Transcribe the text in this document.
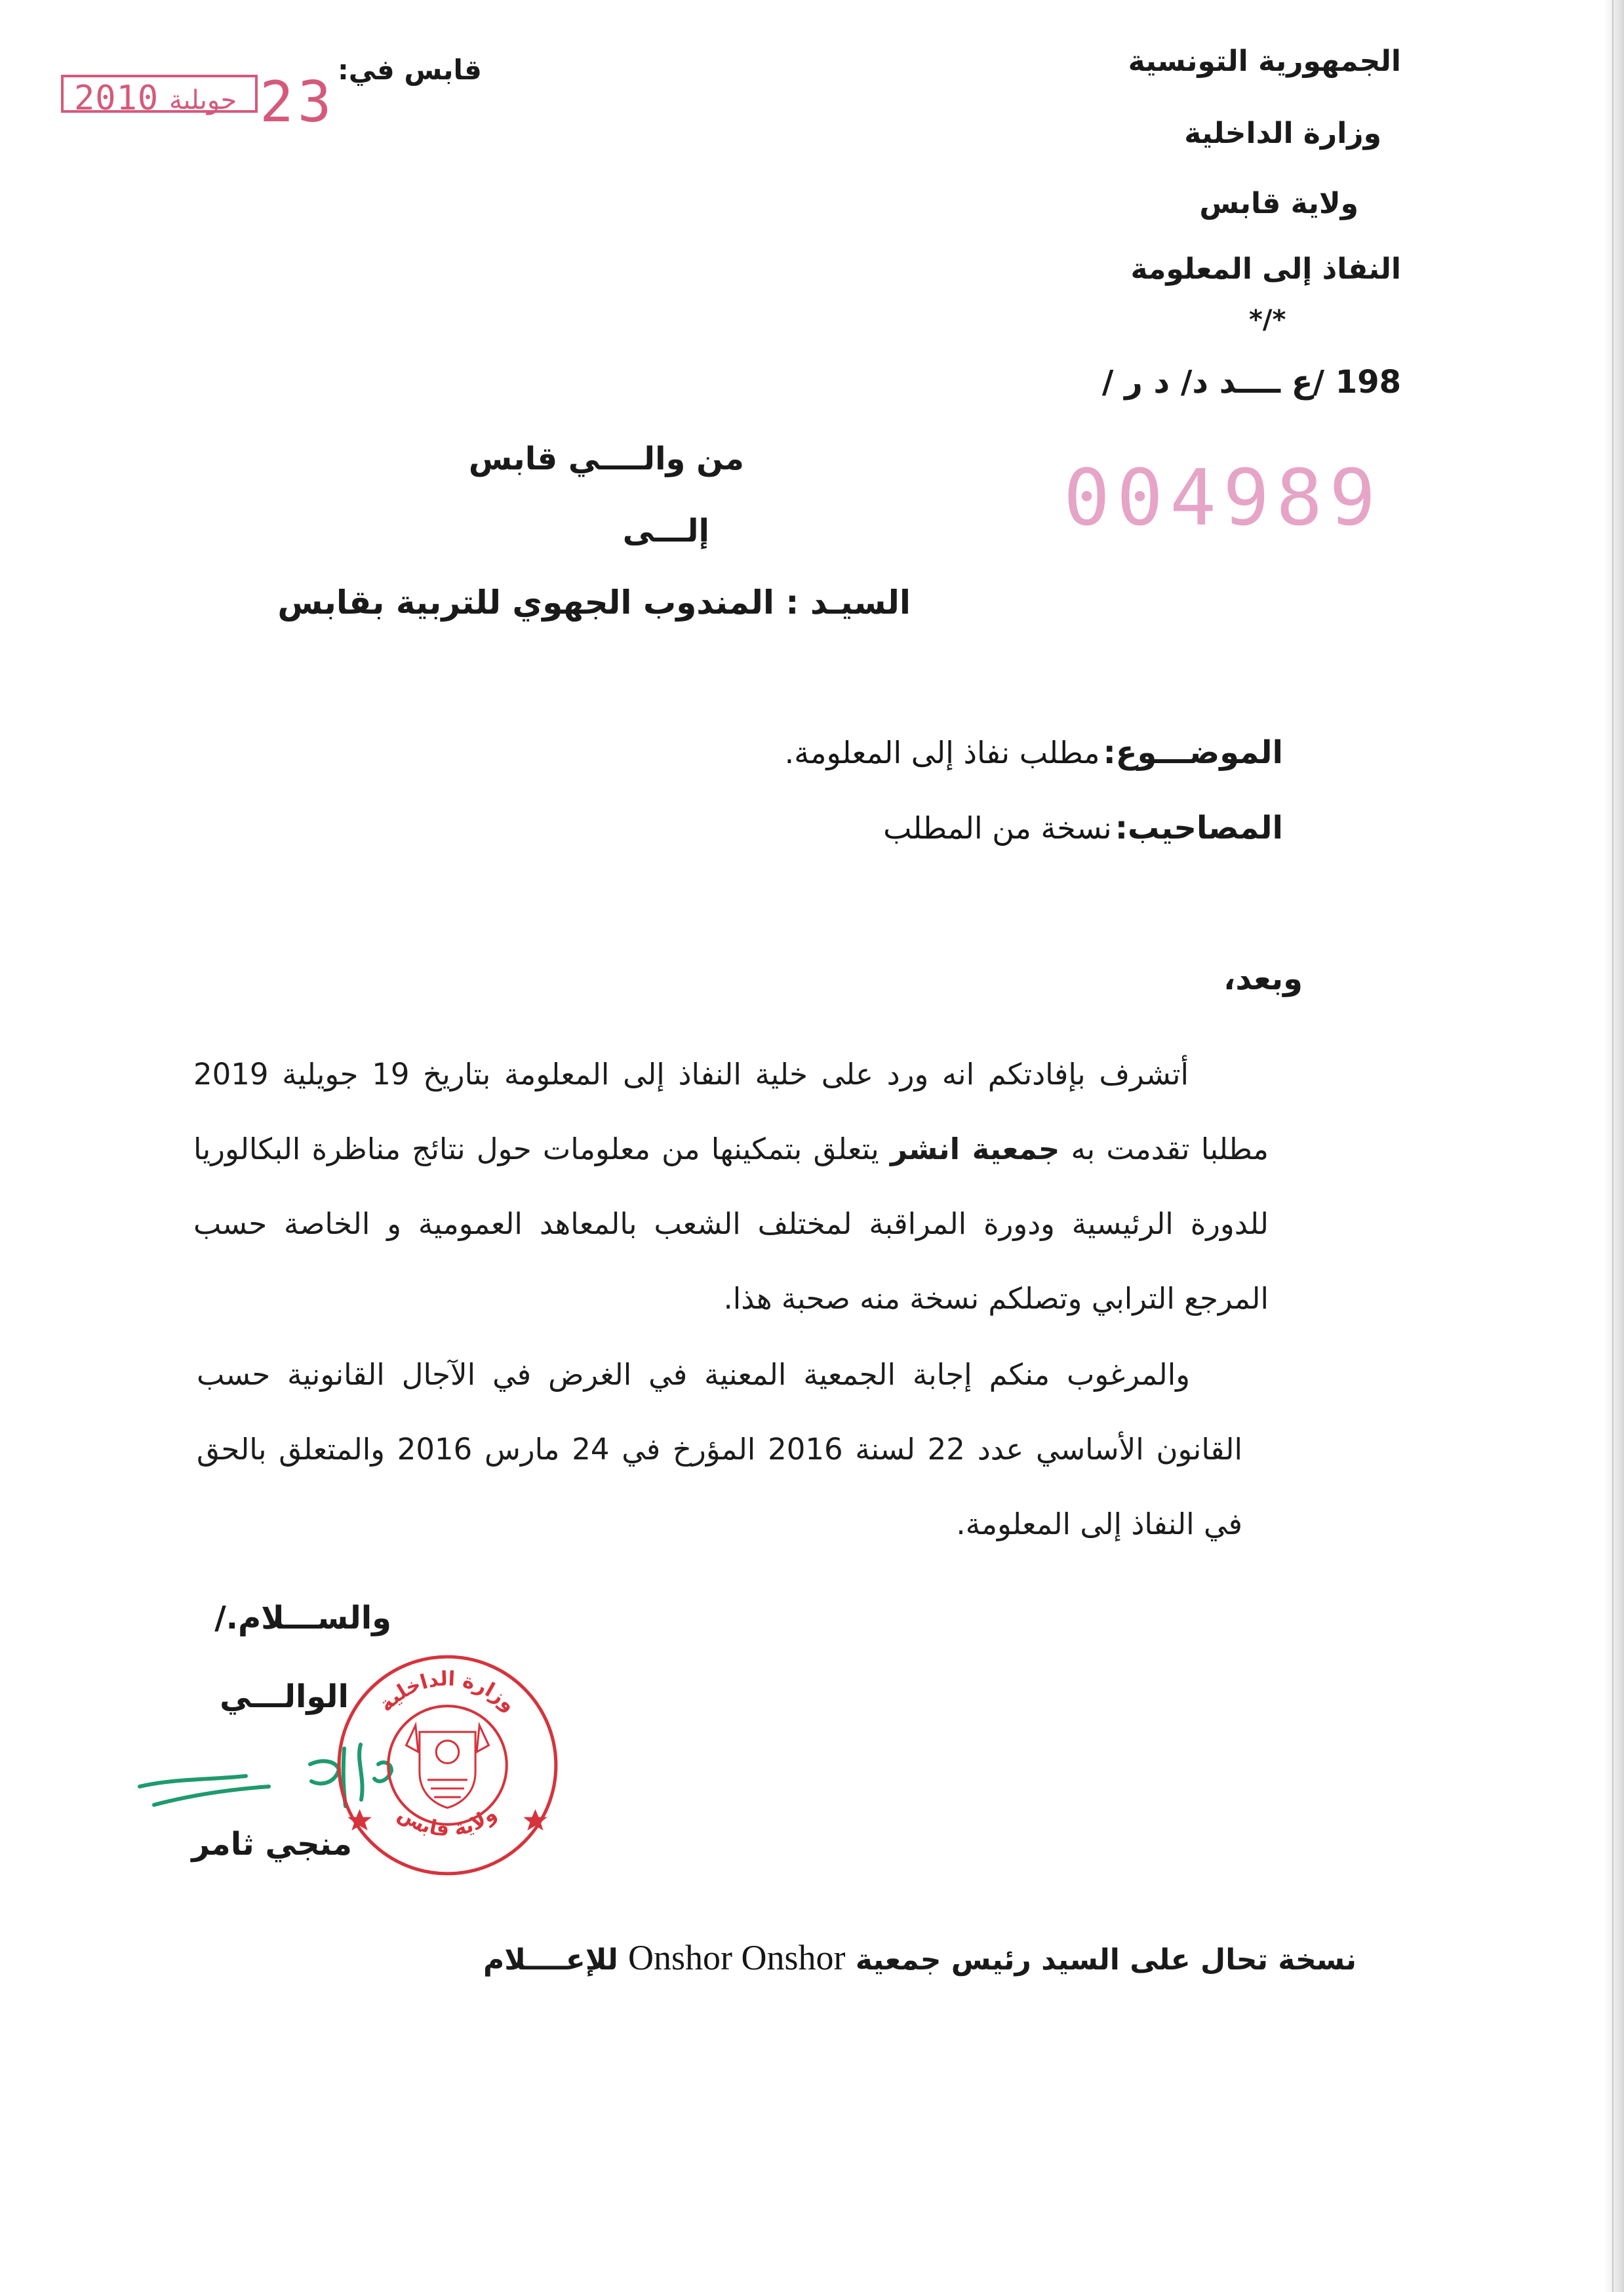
الجمهورية التونسية
وزارة الداخلية
ولاية قابس
النفاذ إلى المعلومة
*/*
198 /ع ــــد د/ د ر /
قابس في:
2010 جويلية 23
004989
من والــــي قابس
إلـــى
السيـد : المندوب الجهوي للتربية بقابس
الموضـــوع: مطلب نفاذ إلى المعلومة.
المصاحيب: نسخة من المطلب
وبعد،
أتشرف بإفادتكم انه ورد على خلية النفاذ إلى المعلومة بتاريخ 19 جويلية 2019 مطلبا تقدمت به جمعية انشر يتعلق بتمكينها من معلومات حول نتائج مناظرة البكالوريا للدورة الرئيسية ودورة المراقبة لمختلف الشعب بالمعاهد العمومية و الخاصة حسب المرجع الترابي وتصلكم نسخة منه صحبة هذا.
والمرغوب منكم إجابة الجمعية المعنية في الغرض في الآجال القانونية حسب القانون الأساسي عدد 22 لسنة 2016 المؤرخ في 24 مارس 2016 والمتعلق بالحق في النفاذ إلى المعلومة.
والســـلام./
الوالـــي
منجي ثامر
وزارة الداخلية
ولاية قابس
نسخة تحال على السيد رئيس جمعية Onshor Onshor للإعــــلام
